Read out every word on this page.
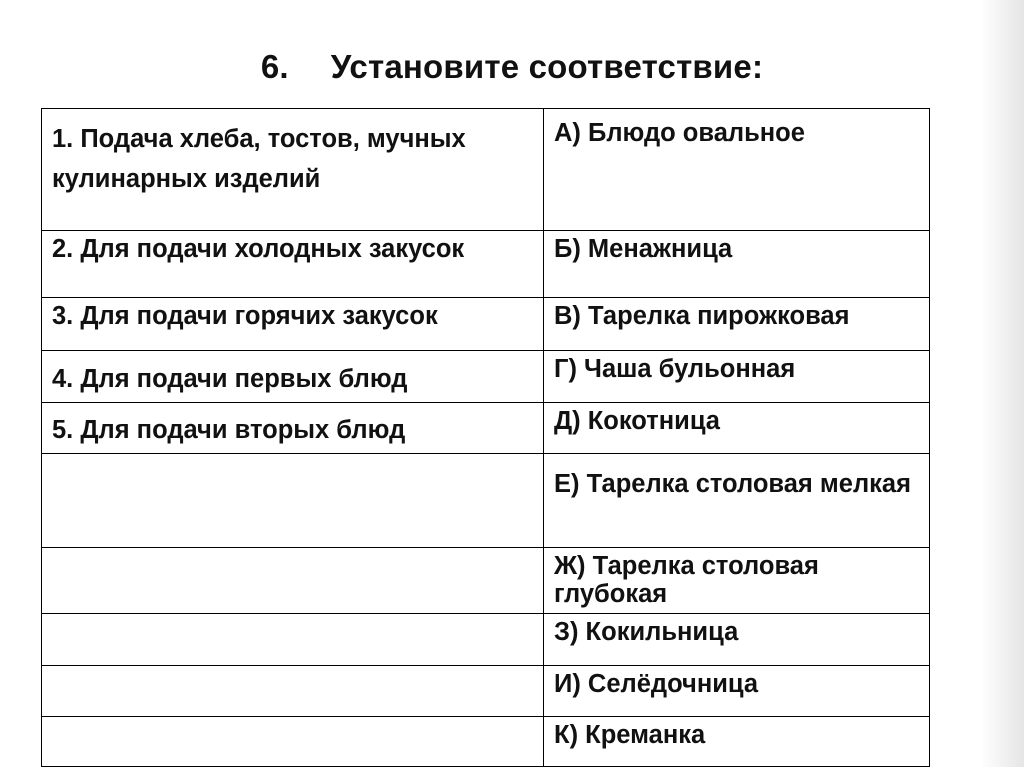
6. Установите соответствие:
1. Подача хлеба, тостов, мучных кулинарных изделий	А) Блюдо овальное
2. Для подачи холодных закусок	Б) Менажница
3. Для подачи горячих закусок	В) Тарелка пирожковая
4. Для подачи первых блюд	Г) Чаша бульонная
5. Для подачи вторых блюд	Д) Кокотница
	Е) Тарелка столовая мелкая
	Ж) Тарелка столовая глубокая
	З) Кокильница
	И) Селёдочница
	К) Креманка
